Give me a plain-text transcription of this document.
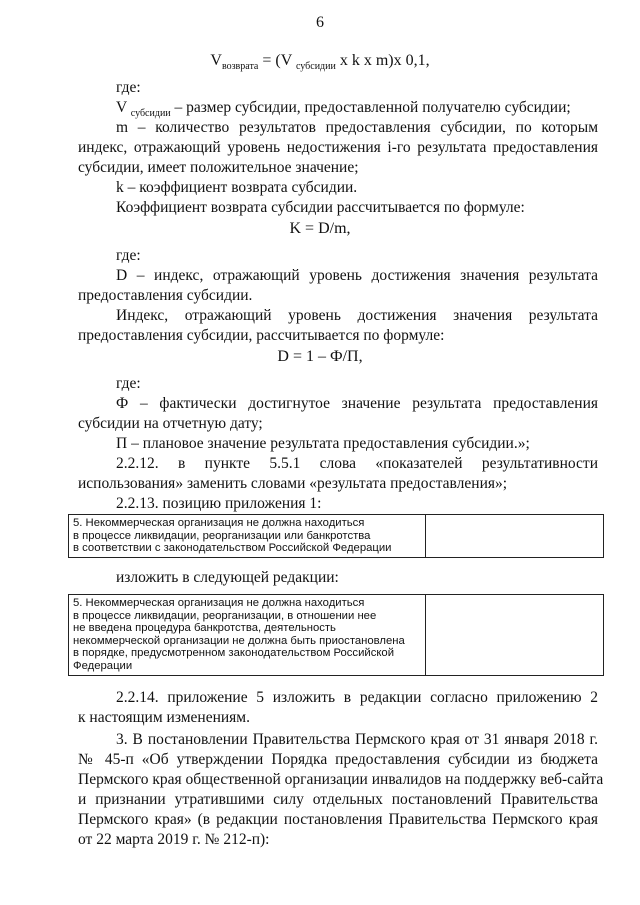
6
$V_{возврата} = (V$ $_{субсидии}$ x k x m)x 0,1,
где:
V $_{субсидии}$ – размер субсидии, предоставленной получателю субсидии;
m – количество результатов предоставления субсидии, по которым
индекс, отражающий уровень недостижения i-го результата предоставления
субсидии, имеет положительное значение;
k – коэффициент возврата субсидии.
Коэффициент возврата субсидии рассчитывается по формуле:
K = D/m,
где:
D – индекс, отражающий уровень достижения значения результата
предоставления субсидии.
Индекс, отражающий уровень достижения значения результата
предоставления субсидии, рассчитывается по формуле:
D = 1 – Ф/П,
где:
Ф – фактически достигнутое значение результата предоставления
субсидии на отчетную дату;
П – плановое значение результата предоставления субсидии.»;
2.2.12. в пункте 5.5.1 слова «показателей результативности
использования» заменить словами «результата предоставления»;
2.2.13. позицию приложения 1:
5. Некоммерческая организация не должна находиться
в процессе ликвидации, реорганизации или банкротства
в соответствии с законодательством Российской Федерации
изложить в следующей редакции:
5. Некоммерческая организация не должна находиться
в процессе ликвидации, реорганизации, в отношении нее
не введена процедура банкротства, деятельность
некоммерческой организации не должна быть приостановлена
в порядке, предусмотренном законодательством Российской
Федерации
2.2.14. приложение 5 изложить в редакции согласно приложению 2
к настоящим изменениям.
3. В постановлении Правительства Пермского края от 31 января 2018 г.
№ 45-п «Об утверждении Порядка предоставления субсидии из бюджета
Пермского края общественной организации инвалидов на поддержку веб-сайта
и признании утратившими силу отдельных постановлений Правительства
Пермского края» (в редакции постановления Правительства Пермского края
от 22 марта 2019 г. № 212-п):
